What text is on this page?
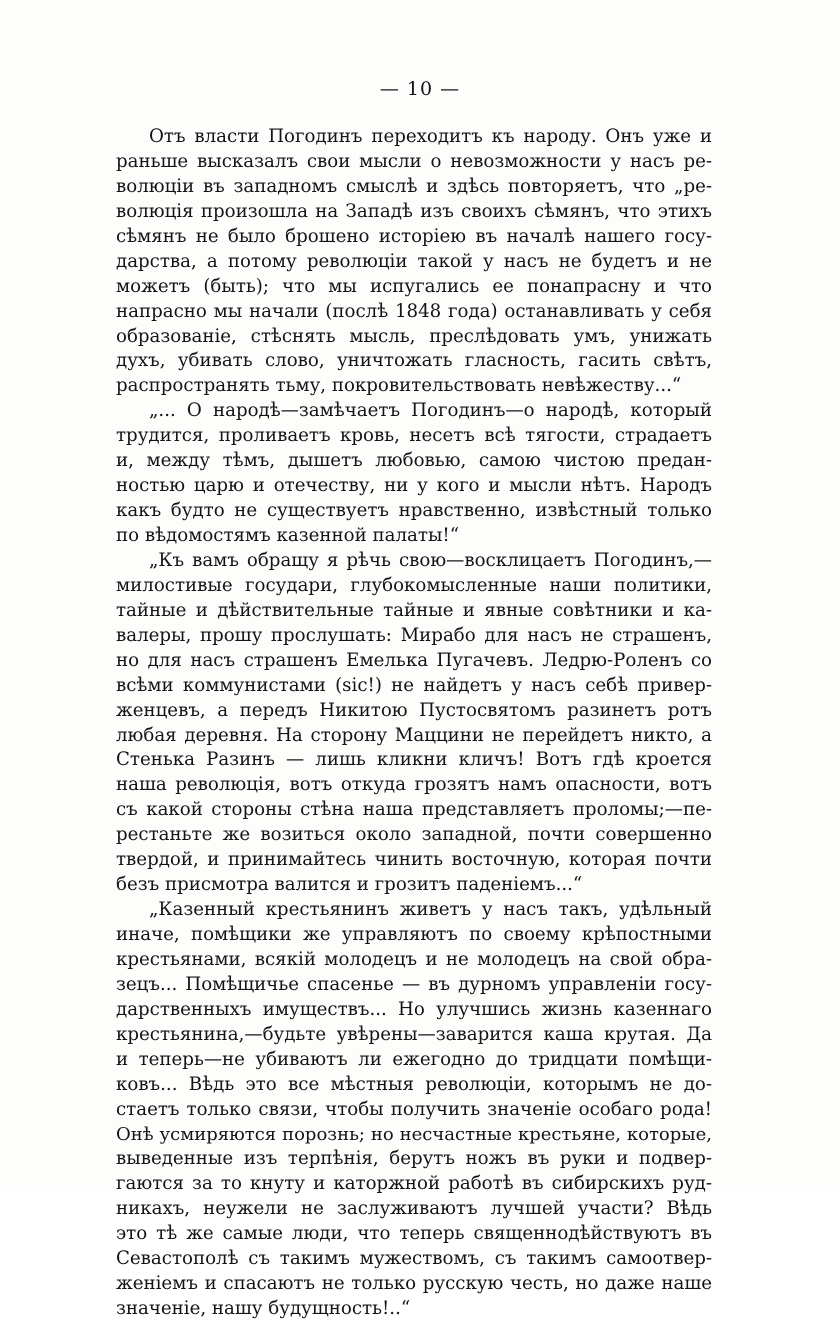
— 10 —
Отъ власти Погодинъ переходитъ къ народу. Онъ уже и
раньше высказалъ свои мысли о невозможности у насъ ре-
волюціи въ западномъ смыслѣ и здѣсь повторяетъ, что „ре-
волюція произошла на Западѣ изъ своихъ сѣмянъ, что этихъ
сѣмянъ не было брошено исторіею въ началѣ нашего госу-
дарства, а потому революціи такой у насъ не будетъ и не
можетъ (быть); что мы испугались ее понапрасну и что
напрасно мы начали (послѣ 1848 года) останавливать у себя
образованіе, стѣснять мысль, преслѣдовать умъ, унижать
духъ, убивать слово, уничтожать гласность, гасить свѣтъ,
распространять тьму, покровительствовать невѣжеству...“
„... О народѣ—замѣчаетъ Погодинъ—о народѣ, который
трудится, проливаетъ кровь, несетъ всѣ тягости, страдаетъ
и, между тѣмъ, дышетъ любовью, самою чистою предан-
ностью царю и отечеству, ни у кого и мысли нѣтъ. Народъ
какъ будто не существуетъ нравственно, извѣстный только
по вѣдомостямъ казенной палаты!“
„Къ вамъ обращу я рѣчь свою—восклицаетъ Погодинъ,—
милостивые государи, глубокомысленные наши политики,
тайные и дѣйствительные тайные и явные совѣтники и ка-
валеры, прошу прослушать: Мирабо для насъ не страшенъ,
но для насъ страшенъ Емелька Пугачевъ. Ледрю-Роленъ со
всѣми коммунистами (sic!) не найдетъ у насъ себѣ привер-
женцевъ, а передъ Никитою Пустосвятомъ разинетъ ротъ
любая деревня. На сторону Маццини не перейдетъ никто, а
Стенька Разинъ — лишь кликни кличъ! Вотъ гдѣ кроется
наша революція, вотъ откуда грозятъ намъ опасности, вотъ
съ какой стороны стѣна наша представляетъ проломы;—пе-
рестаньте же возиться около западной, почти совершенно
твердой, и принимайтесь чинить восточную, которая почти
безъ присмотра валится и грозитъ паденіемъ...“
„Казенный крестьянинъ живетъ у насъ такъ, удѣльный
иначе, помѣщики же управляютъ по своему крѣпостными
крестьянами, всякій молодецъ и не молодецъ на свой обра-
зецъ... Помѣщичье спасенье — въ дурномъ управленіи госу-
дарственныхъ имуществъ... Но улучшись жизнь казеннаго
крестьянина,—будьте увѣрены—заварится каша крутая. Да
и теперь—не убиваютъ ли ежегодно до тридцати помѣщи-
ковъ... Вѣдь это все мѣстныя революціи, которымъ не до-
стаетъ только связи, чтобы получить значеніе особаго рода!
Онѣ усмиряются порознь; но несчастные крестьяне, которые,
выведенные изъ терпѣнія, берутъ ножъ въ руки и подвер-
гаются за то кнуту и каторжной работѣ въ сибирскихъ руд-
никахъ, неужели не заслуживаютъ лучшей участи? Вѣдь
это тѣ же самые люди, что теперь священнодѣйствуютъ въ
Севастополѣ съ такимъ мужествомъ, съ такимъ самоотвер-
женіемъ и спасаютъ не только русскую честь, но даже наше
значеніе, нашу будущность!..“
